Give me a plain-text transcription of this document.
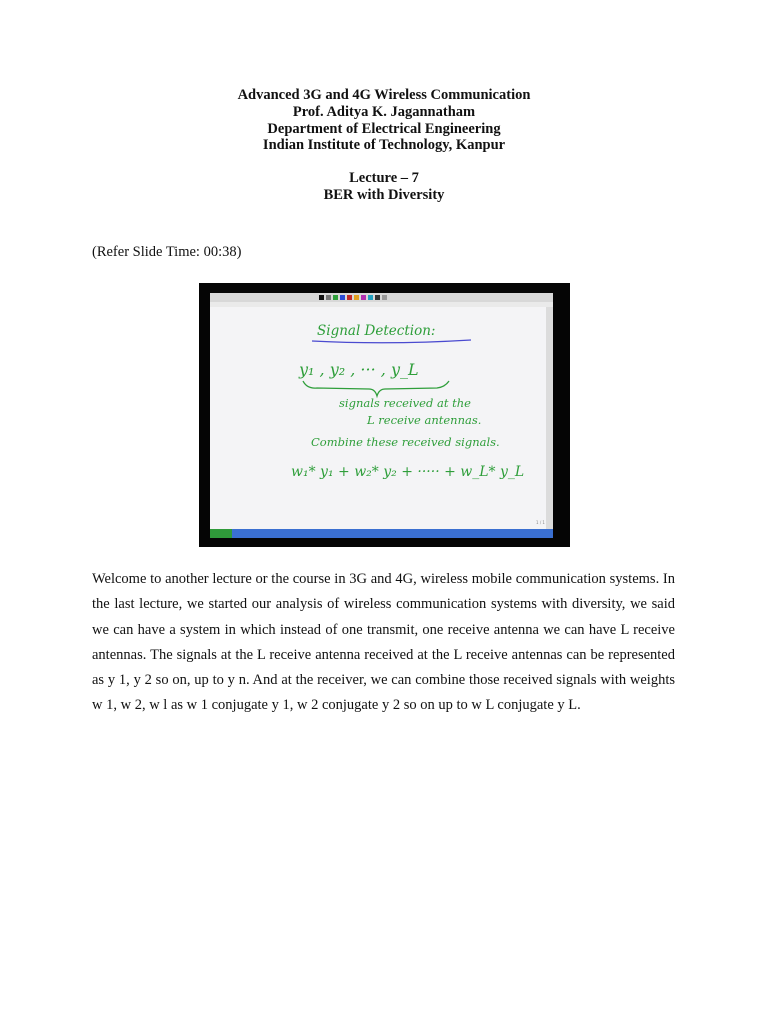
Advanced 3G and 4G Wireless Communication
Prof. Aditya K. Jagannatham
Department of Electrical Engineering
Indian Institute of Technology, Kanpur
Lecture – 7
BER with Diversity
(Refer Slide Time: 00:38)
Signal Detection:
y₁ , y₂ , ··· , y_L
signals received at the
L receive antennas.
Combine these received signals.
w₁* y₁ + w₂* y₂ + ····· + w_L* y_L
1 / 1

Welcome to another lecture or the course in 3G and 4G, wireless mobile communication systems. In the last lecture, we started our analysis of wireless communication systems with diversity, we said we can have a system in which instead of one transmit, one receive antenna we can have L receive antennas. The signals at the L receive antenna received at the L receive antennas can be represented as y 1, y 2 so on, up to y n. And at the receiver, we can combine those received signals with weights w 1, w 2, w l as w 1 conjugate y 1, w 2 conjugate y 2 so on up to w L conjugate y L.
